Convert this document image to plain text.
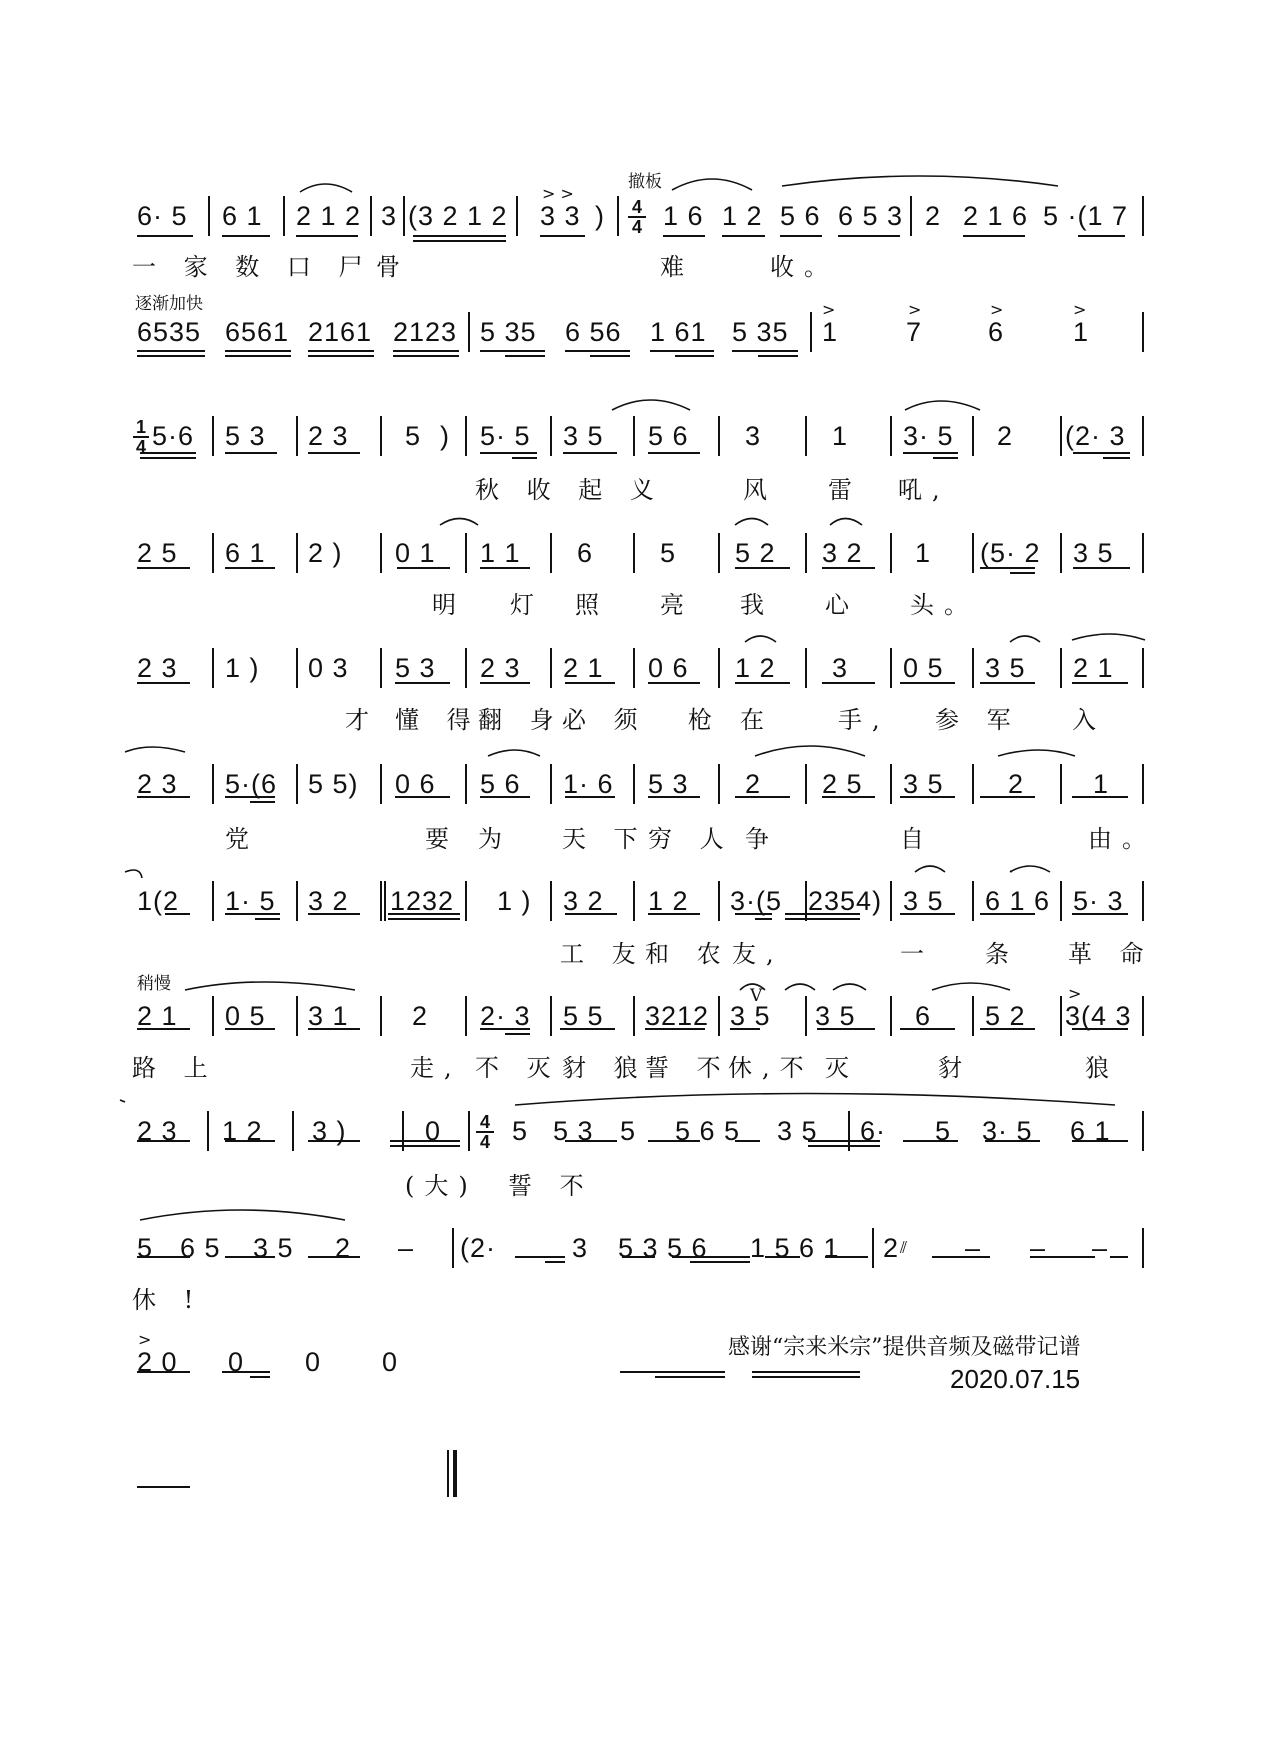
撤板
> >
6· 5 6 1 2 1 2 3 (3 2 1 2 3 3 ) 4
4 1 6 1 2 5 6 6 5 3 2 2 1 6 5 ·(1 7
一 家 数 口 尸 骨	难	收。
逐渐加快
6535 6561 2161 2123 5 35 6 56 1 61 5 35
>
1
>
7
>
6
>
1
1
4 5·6 5 3 2 3 5 ) 5· 5 3 5 5 6 3	1 3· 5 2 (2· 3
秋 收 起 义	风 雷 吼,
2 5 6 1 2 ) 0 1 1 1 6 5 5 2 3 2 1 (5· 2 3 5
明 灯 照 亮 我 心 头。
2 3 1 ) 0 3 5 3 2 3 2 1 0 6 1 2 3 0 5 3 5 2 1
才 懂 得
翻 身
必 须 枪 在	手, 参 军 入
2 3 5·(6 5 5) 0 6 5 6 1· 6 5 3 2 2 5 3 5 2	1
党	要 为 天 下 穷 人 争	自	由。
1(2 1· 5 3 2 1232 1 ) 3 2 1 2 3·(5 2354) 3 5 6 1 6 5· 3
工 友 和 农 友,	一 条 革 命
稍慢
2 1 0 5 3 1 2 2· 3 5 5 3212
V
3 5 3 5 6 5 2
>
3(4 3
路 上	走, 不 灭 豺 狼
誓 不
休,不 灭	豺	狼
2 3 1 2 3 )	0 4
4 5 5 3 5 5 6 5 3 5 6· 5 3· 5 6 1
(大) 誓 不
5 6 5 3 5 2 – (2·	3 5 3 5 6 1 5 6 1 2 ⫽ – – –
休 !
>
2 0 0 0 0	感谢“宗来米宗”提供音频及磁带记谱
2020.07.15
